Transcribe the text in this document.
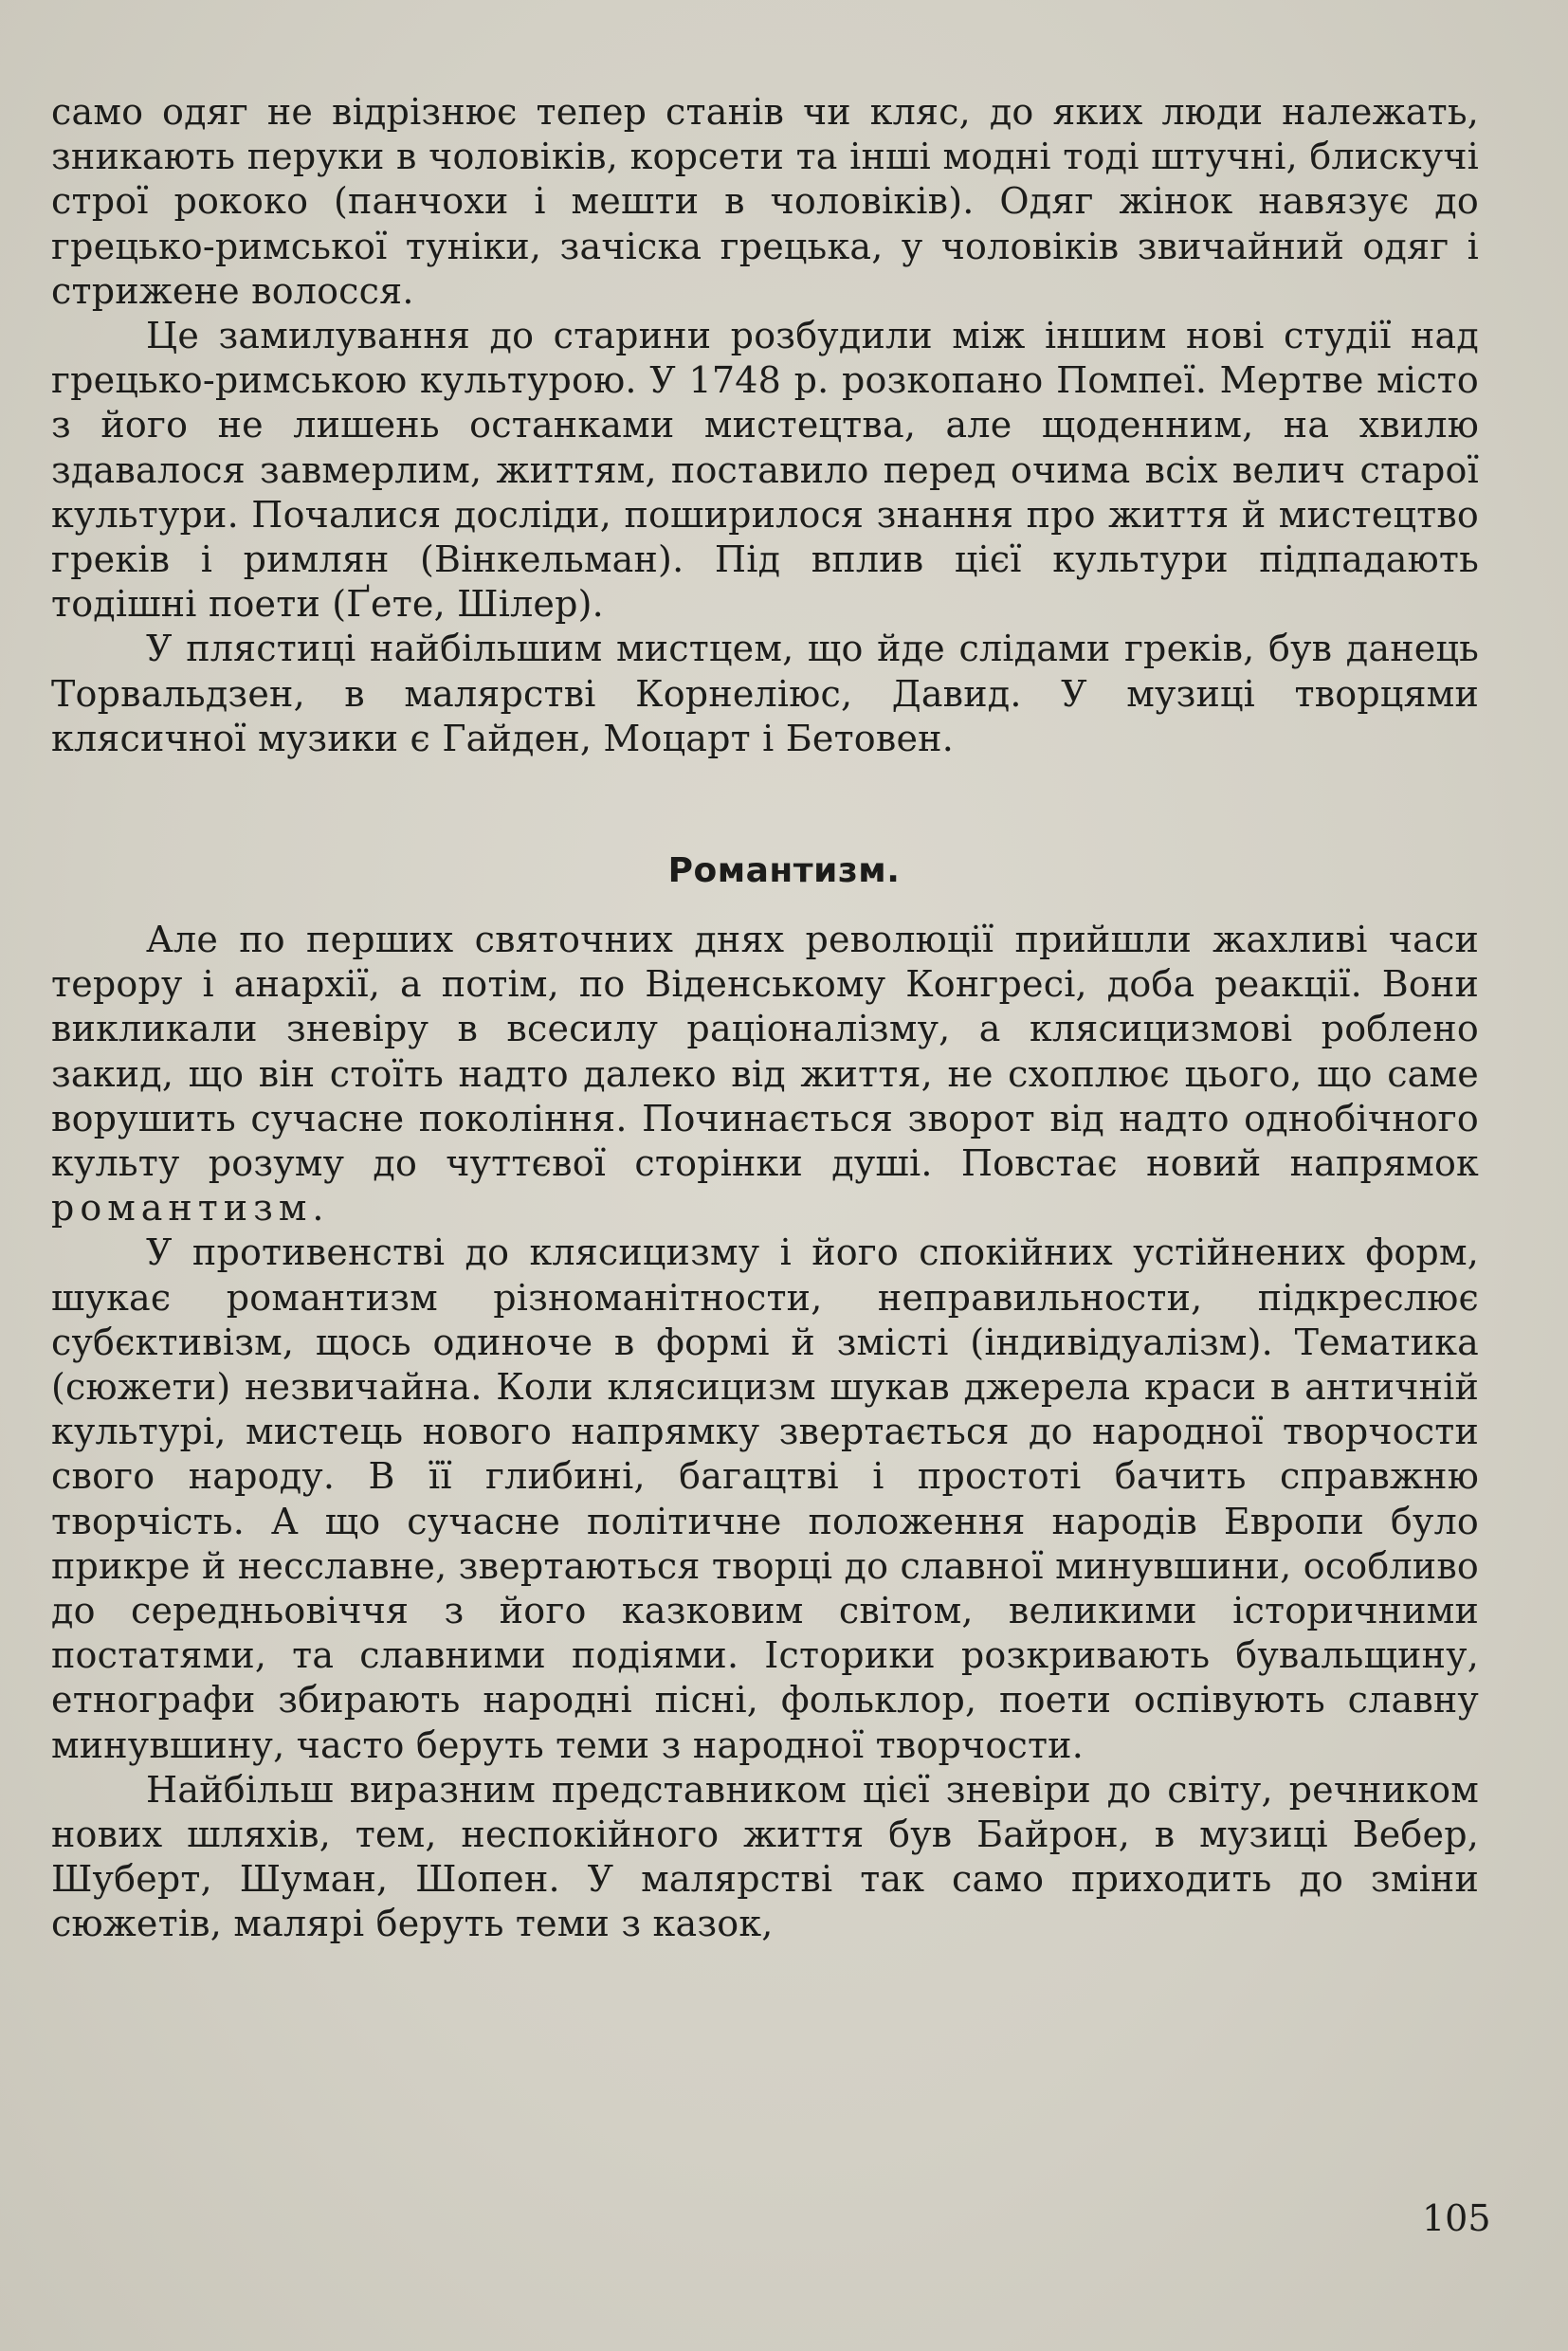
само одяг не відрізнює тепер станів чи кляс, до яких люди належать, зникають перуки в чоловіків, корсети та інші модні тоді штучні, блискучі строї рококо (панчохи і мешти в чоловіків). Одяг жінок навязує до грецько-римської туніки, зачіска грецька, у чоловіків звичайний одяг і стрижене волосся.

Це замилування до старини розбудили між іншим нові студії над грецько-римською культурою. У 1748 р. розкопано Помпеї. Мертве місто з його не лишень останками мистецтва, але щоденним, на хвилю здавалося завмерлим, життям, поставило перед очима всіх велич старої культури. Почалися досліди, поширилося знання про життя й мистецтво греків і римлян (Вінкельман). Під вплив цієї культури підпадають тодішні поети (Ґете, Шілер).

У плястиці найбільшим мистцем, що йде слідами греків, був данець Торвальдзен, в малярстві Корнеліюс, Давид. У музиці творцями клясичної музики є Гайден, Моцарт і Бетовен.

Романтизм.

Але по перших святочних днях революції прийшли жахливі часи терору і анархії, а потім, по Віденському Конгресі, доба реакції. Вони викликали зневіру в всесилу раціоналізму, а клясицизмові роблено закид, що він стоїть надто далеко від життя, не схоплює цього, що саме ворушить сучасне покоління. Починається зворот від надто однобічного культу розуму до чуттєвої сторінки душі. Повстає новий напрямок романтизм.

У противенстві до клясицизму і його спокійних устійнених форм, шукає романтизм різноманітности, неправильности, підкреслює субєктивізм, щось одиноче в формі й змісті (індивідуалізм). Тематика (сюжети) незвичайна. Коли клясицизм шукав джерела краси в античній культурі, мистець нового напрямку звертається до народної творчости свого народу. В її глибині, багацтві і простоті бачить справжню творчість. А що сучасне політичне положення народів Европи було прикре й несславне, звертаються творці до славної минувшини, особливо до середньовіччя з його казковим світом, великими історичними постатями, та славними подіями. Історики розкривають бувальщину, етнографи збирають народні пісні, фольклор, поети оспівують славну минувшину, часто беруть теми з народної творчости.

Найбільш виразним представником цієї зневіри до світу, речником нових шляхів, тем, неспокійного життя був Байрон, в музиці Вебер, Шуберт, Шуман, Шопен. У малярстві так само приходить до зміни сюжетів, малярі беруть теми з казок,

105
